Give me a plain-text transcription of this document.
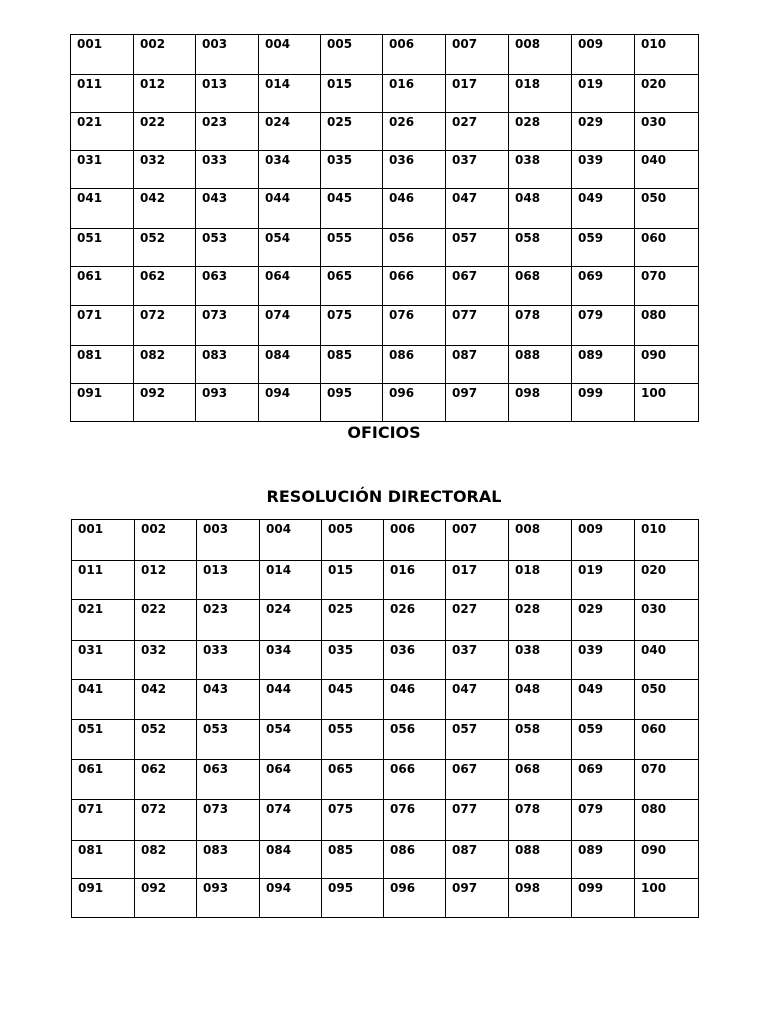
001	002	003	004	005	006	007	008	009	010
011	012	013	014	015	016	017	018	019	020
021	022	023	024	025	026	027	028	029	030
031	032	033	034	035	036	037	038	039	040
041	042	043	044	045	046	047	048	049	050
051	052	053	054	055	056	057	058	059	060
061	062	063	064	065	066	067	068	069	070
071	072	073	074	075	076	077	078	079	080
081	082	083	084	085	086	087	088	089	090
091	092	093	094	095	096	097	098	099	100
OFICIOS
RESOLUCIÓN DIRECTORAL
001	002	003	004	005	006	007	008	009	010
011	012	013	014	015	016	017	018	019	020
021	022	023	024	025	026	027	028	029	030
031	032	033	034	035	036	037	038	039	040
041	042	043	044	045	046	047	048	049	050
051	052	053	054	055	056	057	058	059	060
061	062	063	064	065	066	067	068	069	070
071	072	073	074	075	076	077	078	079	080
081	082	083	084	085	086	087	088	089	090
091	092	093	094	095	096	097	098	099	100
